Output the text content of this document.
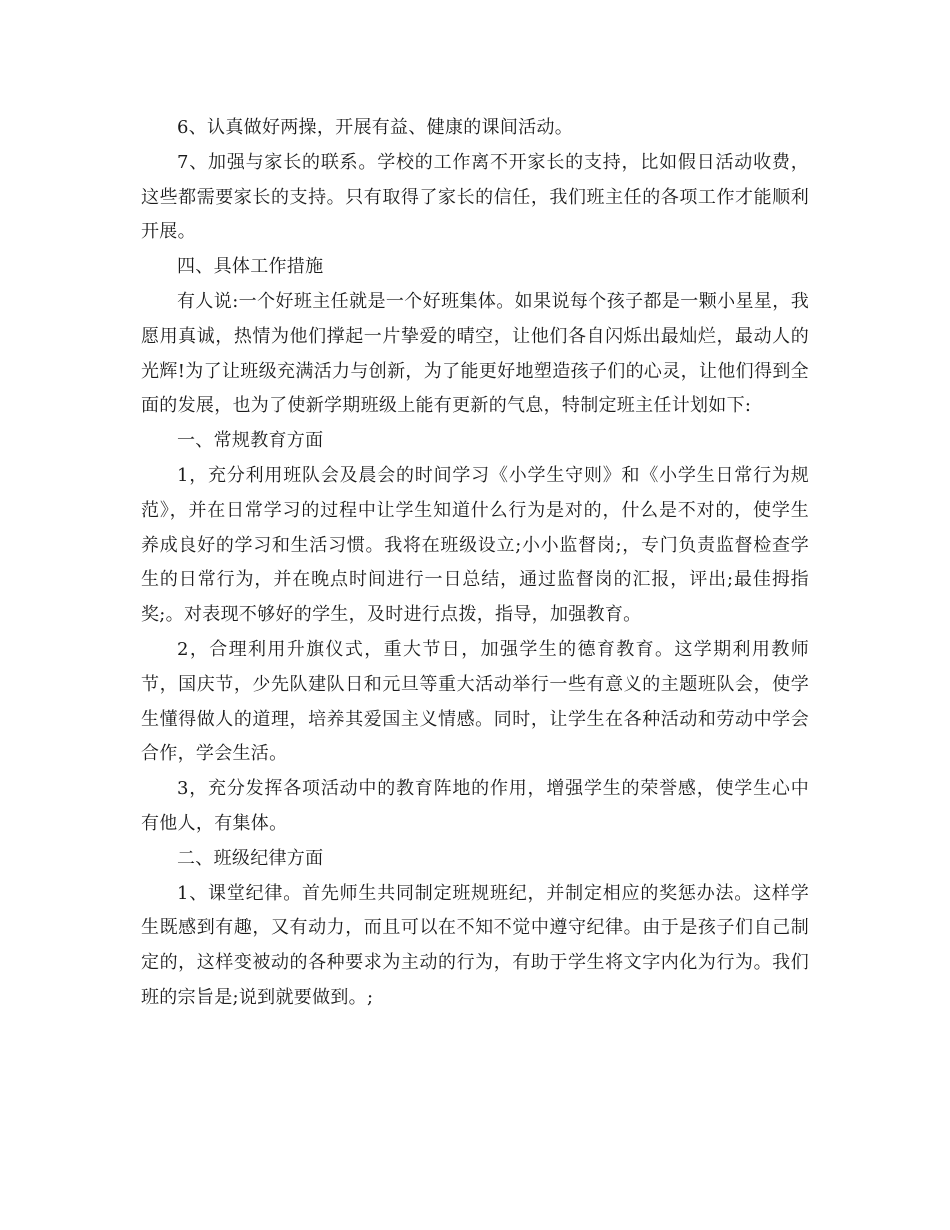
6、认真做好两操，开展有益、健康的课间活动。

7、加强与家长的联系。学校的工作离不开家长的支持，比如假日活动收费，这些都需要家长的支持。只有取得了家长的信任，我们班主任的各项工作才能顺利开展。

四、具体工作措施

有人说:一个好班主任就是一个好班集体。如果说每个孩子都是一颗小星星，我愿用真诚，热情为他们撑起一片挚爱的晴空，让他们各自闪烁出最灿烂，最动人的光辉!为了让班级充满活力与创新，为了能更好地塑造孩子们的心灵，让他们得到全面的发展，也为了使新学期班级上能有更新的气息，特制定班主任计划如下:

一、常规教育方面

1，充分利用班队会及晨会的时间学习《小学生守则》和《小学生日常行为规范》，并在日常学习的过程中让学生知道什么行为是对的，什么是不对的，使学生养成良好的学习和生活习惯。我将在班级设立;小小监督岗;，专门负责监督检查学生的日常行为，并在晚点时间进行一日总结，通过监督岗的汇报，评出;最佳拇指奖;。对表现不够好的学生，及时进行点拨，指导，加强教育。

2，合理利用升旗仪式，重大节日，加强学生的德育教育。这学期利用教师节，国庆节，少先队建队日和元旦等重大活动举行一些有意义的主题班队会，使学生懂得做人的道理，培养其爱国主义情感。同时，让学生在各种活动和劳动中学会合作，学会生活。

3，充分发挥各项活动中的教育阵地的作用，增强学生的荣誉感，使学生心中有他人，有集体。

二、班级纪律方面

1、课堂纪律。首先师生共同制定班规班纪，并制定相应的奖惩办法。这样学生既感到有趣，又有动力，而且可以在不知不觉中遵守纪律。由于是孩子们自己制定的，这样变被动的各种要求为主动的行为，有助于学生将文字内化为行为。我们班的宗旨是;说到就要做到。;
